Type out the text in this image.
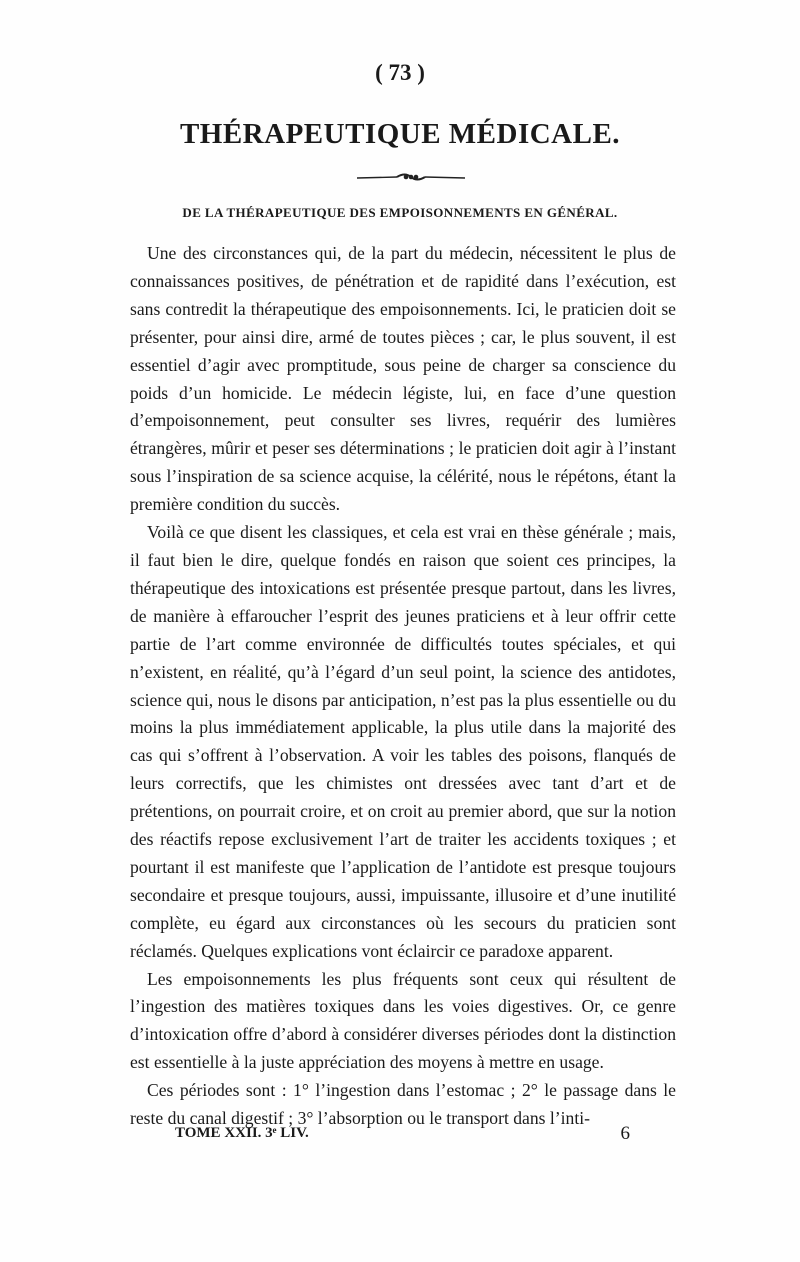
( 73 )
THÉRAPEUTIQUE MÉDICALE.
DE LA THÉRAPEUTIQUE DES EMPOISONNEMENTS EN GÉNÉRAL.

Une des circonstances qui, de la part du médecin, nécessitent le plus de connaissances positives, de pénétration et de rapidité dans l’exécution, est sans contredit la thérapeutique des empoisonnements. Ici, le praticien doit se présenter, pour ainsi dire, armé de toutes pièces ; car, le plus souvent, il est essentiel d’agir avec promptitude, sous peine de charger sa conscience du poids d’un homicide. Le médecin légiste, lui, en face d’une question d’empoisonnement, peut consulter ses livres, requérir des lumières étrangères, mûrir et peser ses déterminations ; le praticien doit agir à l’instant sous l’inspiration de sa science acquise, la célérité, nous le répétons, étant la première condition du succès.

Voilà ce que disent les classiques, et cela est vrai en thèse générale ; mais, il faut bien le dire, quelque fondés en raison que soient ces principes, la thérapeutique des intoxications est présentée presque partout, dans les livres, de manière à effaroucher l’esprit des jeunes praticiens et à leur offrir cette partie de l’art comme environnée de difficultés toutes spéciales, et qui n’existent, en réalité, qu’à l’égard d’un seul point, la science des antidotes, science qui, nous le disons par anticipation, n’est pas la plus essentielle ou du moins la plus immédiatement applicable, la plus utile dans la majorité des cas qui s’offrent à l’observation. A voir les tables des poisons, flanqués de leurs correctifs, que les chimistes ont dressées avec tant d’art et de prétentions, on pourrait croire, et on croit au premier abord, que sur la notion des réactifs repose exclusivement l’art de traiter les accidents toxiques ; et pourtant il est manifeste que l’application de l’antidote est presque toujours secondaire et presque toujours, aussi, impuissante, illusoire et d’une inutilité complète, eu égard aux circonstances où les secours du praticien sont réclamés. Quelques explications vont éclaircir ce paradoxe apparent.

Les empoisonnements les plus fréquents sont ceux qui résultent de l’ingestion des matières toxiques dans les voies digestives. Or, ce genre d’intoxication offre d’abord à considérer diverses périodes dont la distinction est essentielle à la juste appréciation des moyens à mettre en usage.

Ces périodes sont : 1° l’ingestion dans l’estomac ; 2° le passage dans le reste du canal digestif ; 3° l’absorption ou le transport dans l’inti-

TOME XXII. 3ᵉ LIV.	6
